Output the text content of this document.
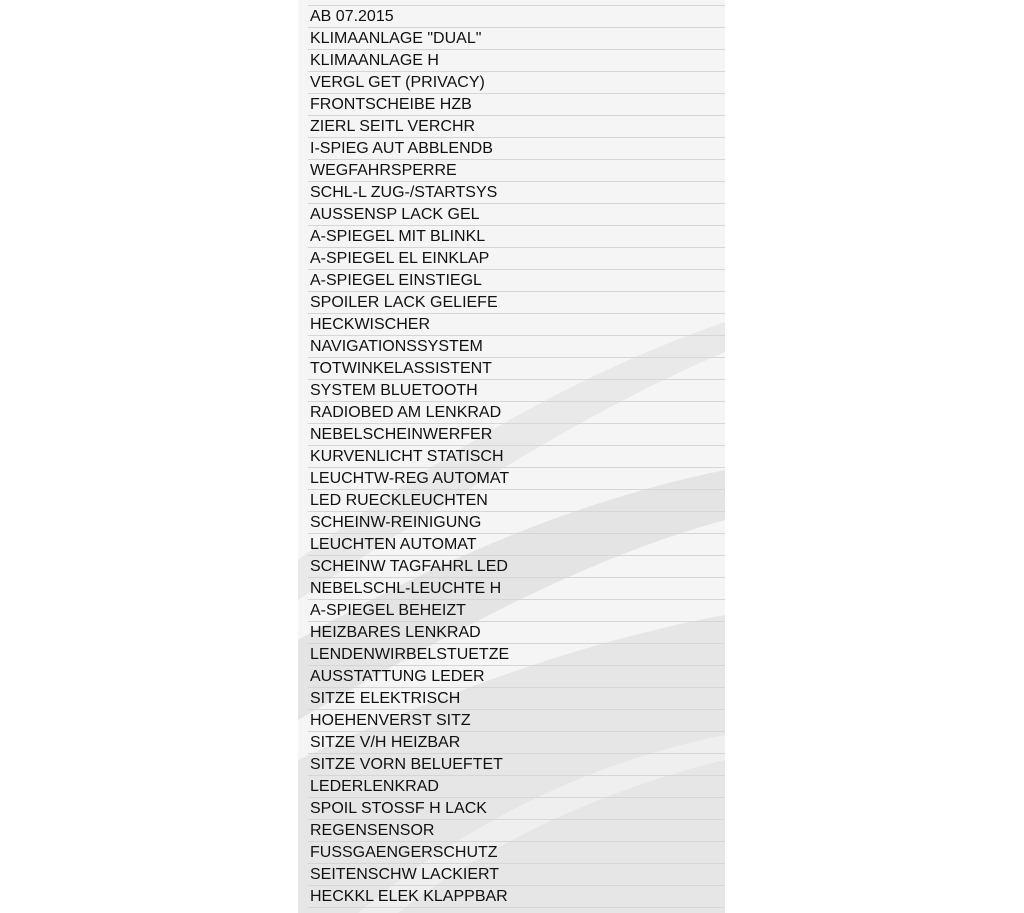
AB 07.2015
KLIMAANLAGE "DUAL"
KLIMAANLAGE H
VERGL GET (PRIVACY)
FRONTSCHEIBE HZB
ZIERL SEITL VERCHR
I-SPIEG AUT ABBLENDB
WEGFAHRSPERRE
SCHL-L ZUG-/STARTSYS
AUSSENSP LACK GEL
A-SPIEGEL MIT BLINKL
A-SPIEGEL EL EINKLAP
A-SPIEGEL EINSTIEGL
SPOILER LACK GELIEFE
HECKWISCHER
NAVIGATIONSSYSTEM
TOTWINKELASSISTENT
SYSTEM BLUETOOTH
RADIOBED AM LENKRAD
NEBELSCHEINWERFER
KURVENLICHT STATISCH
LEUCHTW-REG AUTOMAT
LED RUECKLEUCHTEN
SCHEINW-REINIGUNG
LEUCHTEN AUTOMAT
SCHEINW TAGFAHRL LED
NEBELSCHL-LEUCHTE H
A-SPIEGEL BEHEIZT
HEIZBARES LENKRAD
LENDENWIRBELSTUETZE
AUSSTATTUNG LEDER
SITZE ELEKTRISCH
HOEHENVERST SITZ
SITZE V/H HEIZBAR
SITZE VORN BELUEFTET
LEDERLENKRAD
SPOIL STOSSF H LACK
REGENSENSOR
FUSSGAENGERSCHUTZ
SEITENSCHW LACKIERT
HECKKL ELEK KLAPPBAR
